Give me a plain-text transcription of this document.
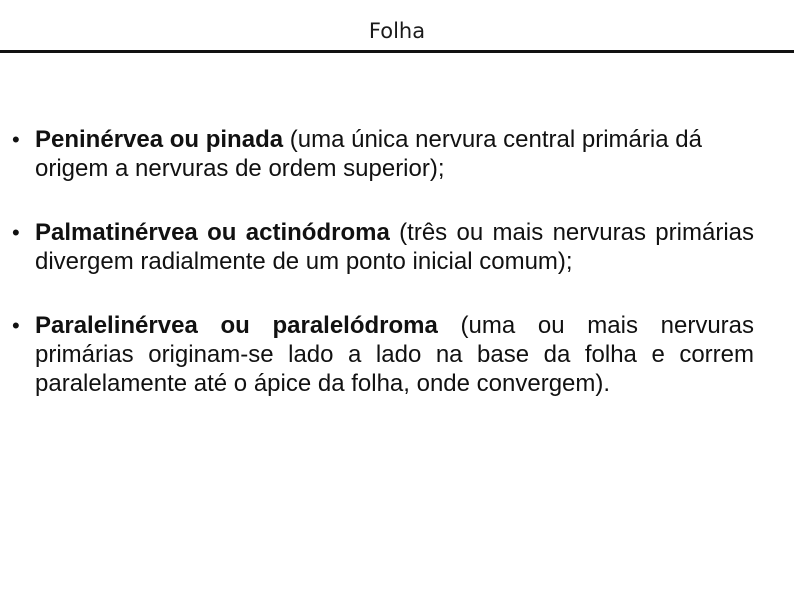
Folha
• Peninérvea ou pinada (uma única nervura central primária dá origem a nervuras de ordem superior);
• Palmatinérvea ou actinódroma (três ou mais nervuras primárias divergem radialmente de um ponto inicial comum);
• Paralelinérvea ou paralelódroma (uma ou mais nervuras primárias originam-se lado a lado na base da folha e correm paralelamente até o ápice da folha, onde convergem).
